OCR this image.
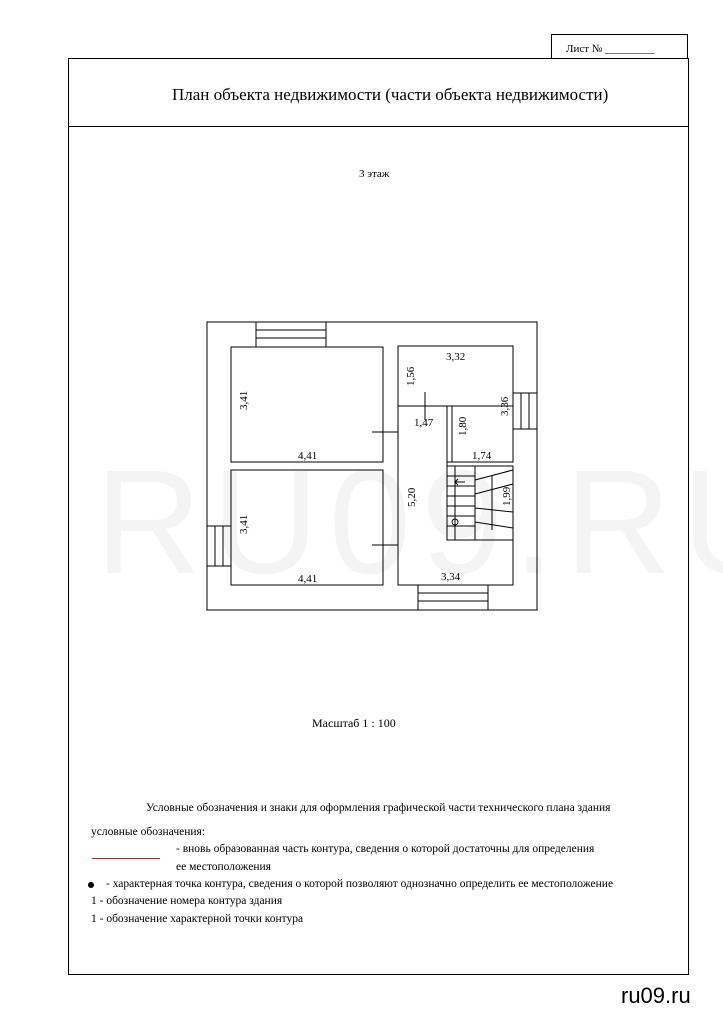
Лист № _________
План объекта недвижимости (части объекта недвижимости)
3 этаж
3,41
4,41
3,41
4,41
3,32
1,56
3,36
1,47
5,20
1,80
1,74
1,99
3,34
Масштаб 1 : 100
Условные обозначения и знаки для оформления графической части технического плана здания
условные обозначения:
- вновь образованная часть контура, сведения о которой достаточны для определения
ее местоположения
- характерная точка контура, сведения о которой позволяют однозначно определить ее местоположение
1 - обозначение номера контура здания
1 - обозначение характерной точки контура
ru09.ru
